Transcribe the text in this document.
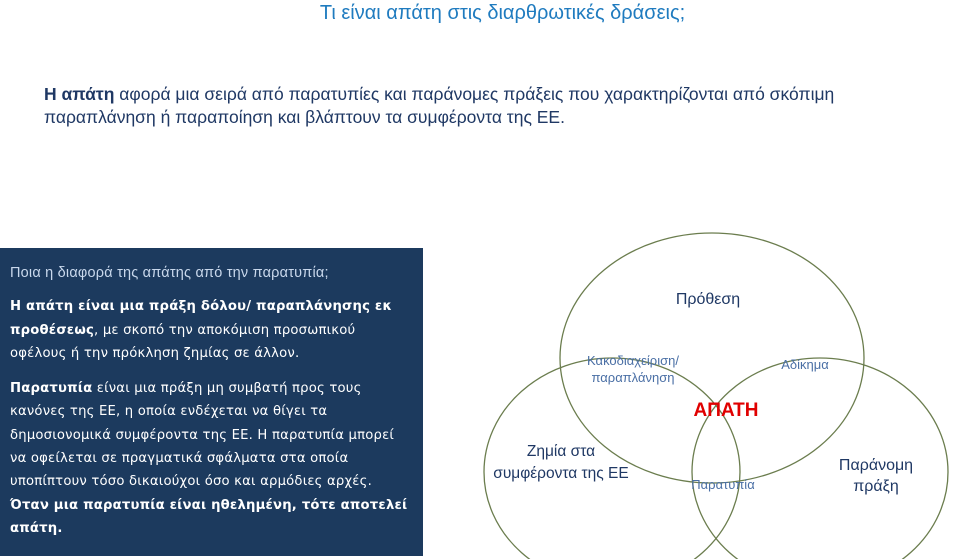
Τι είναι απάτη στις διαρθρωτικές δράσεις;
Η απάτη αφορά μια σειρά από παρατυπίες και παράνομες πράξεις που χαρακτηρίζονται από σκόπιμη παραπλάνηση ή παραποίηση και βλάπτουν τα συμφέροντα της ΕΕ.
Ποια η διαφορά της απάτης από την παρατυπία;

Η απάτη είναι μια πράξη δόλου/ παραπλάνησης εκ προθέσεως, με σκοπό την αποκόμιση προσωπικού οφέλους ή την πρόκληση ζημίας σε άλλον.

Παρατυπία είναι μια πράξη μη συμβατή προς τους κανόνες της ΕΕ, η οποία ενδέχεται να θίγει τα δημοσιονομικά συμφέροντα της ΕΕ. Η παρατυπία μπορεί να οφείλεται σε πραγματικά σφάλματα στα οποία υποπίπτουν τόσο δικαιούχοι όσο και αρμόδιες αρχές. Όταν μια παρατυπία είναι ηθελημένη, τότε αποτελεί απάτη.

Πρόθεση
Κακοδιαχείριση/ παραπλάνηση
Αδίκημα
ΑΠΑΤΗ
Ζημία στα συμφέροντα της ΕΕ
Παρατυπία
Παράνομη πράξη
